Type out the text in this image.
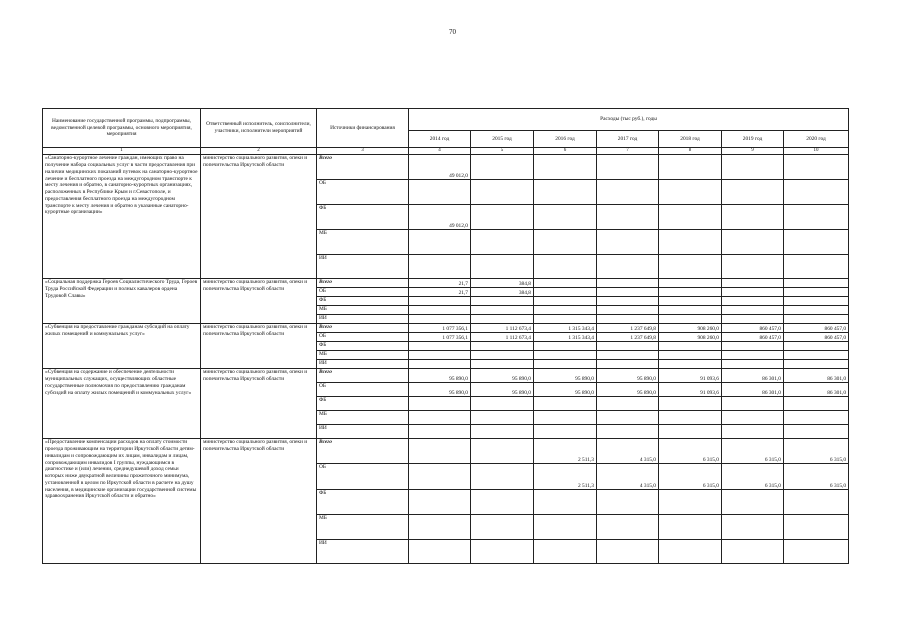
70
Наименование государственной программы, подпрограммы, ведомственной целевой программы, основного мероприятия, мероприятия	Ответственный исполнитель, соисполнители, участники, исполнители мероприятий	Источники финансирования	Расходы (тыс руб.), годы						
			2014 год	2015 год	2016 год	2017 год	2018 год	2019 год	2020 год
1	2	3	4	5	6	7	8	9	10
«Санаторно-курортное лечение граждан, имеющих право на получение набора социальных услуг в части предоставления при наличии медицинских показаний путевок на санаторно-курортное лечение и бесплатного проезда на междугородном транспорте к месту лечения и обратно, в санаторно-курортных организациях, расположенных в Республике Крым и г.Севастополе, и предоставления бесплатного проезда на междугородном транспорте к месту лечения и обратно в указанные санаторно-курортные организации»	министерство социального развития, опеки и попечительства Иркутской области	Всего	49 012,0						
		ОБ							
		ФБ	49 012,0						
		МБ							
		ИИ							
«Социальная поддержка Героев Социалистического Труда, Героев Труда Российской Федерации и полных кавалеров ордена Трудовой Славы»	министерство социального развития, опеки и попечительства Иркутской области	Всего	21,7	384,8					
		ОБ	21,7	384,8					
		ФБ							
		МБ							
		ИИ							
«Субвенция на предоставление гражданам субсидий на оплату жилых помещений и коммунальных услуг»	министерство социального развития, опеки и попечительства Иркутской области	Всего	1 077 356,1	1 112 673,4	1 315 343,4	1 237 649,8	908 260,0	860 457,0	860 457,0
		ОБ	1 077 356,1	1 112 673,4	1 315 343,4	1 237 649,8	908 260,0	860 457,0	860 457,0
		ФБ							
		МБ							
		ИИ							
«Субвенция на содержание и обеспечение деятельности муниципальных служащих, осуществляющих областные государственные полномочия по предоставлению гражданам субсидий на оплату жилых помещений и коммунальных услуг»	министерство социального развития, опеки и попечительства Иркутской области	Всего	95 890,0	95 890,0	95 890,0	95 890,0	91 093,6	86 301,0	86 301,0
		ОБ	95 890,0	95 890,0	95 890,0	95 890,0	91 093,6	86 301,0	86 301,0
		ФБ							
		МБ							
		ИИ							
«Предоставление компенсации расходов на оплату стоимости проезда проживающим на территории Иркутской области детям-инвалидам и сопровождающим их лицам, инвалидам и лицам, сопровождающим инвалидов I группы, нуждающимся в диагностике и (или) лечении, среднедушевой доход семьи которых ниже двукратной величины прожиточного минимума, установленной в целом по Иркутской области в расчете на душу населения, в медицинские организации государственной системы здравоохранения Иркутской области и обратно»	министерство социального развития, опеки и попечительства Иркутской области	Всего			2 511,3	4 315,0	6 315,0	6 315,0	6 315,0
		ОБ			2 511,3	4 315,0	6 315,0	6 315,0	6 315,0
		ФБ							
		МБ							
		ИИ							
